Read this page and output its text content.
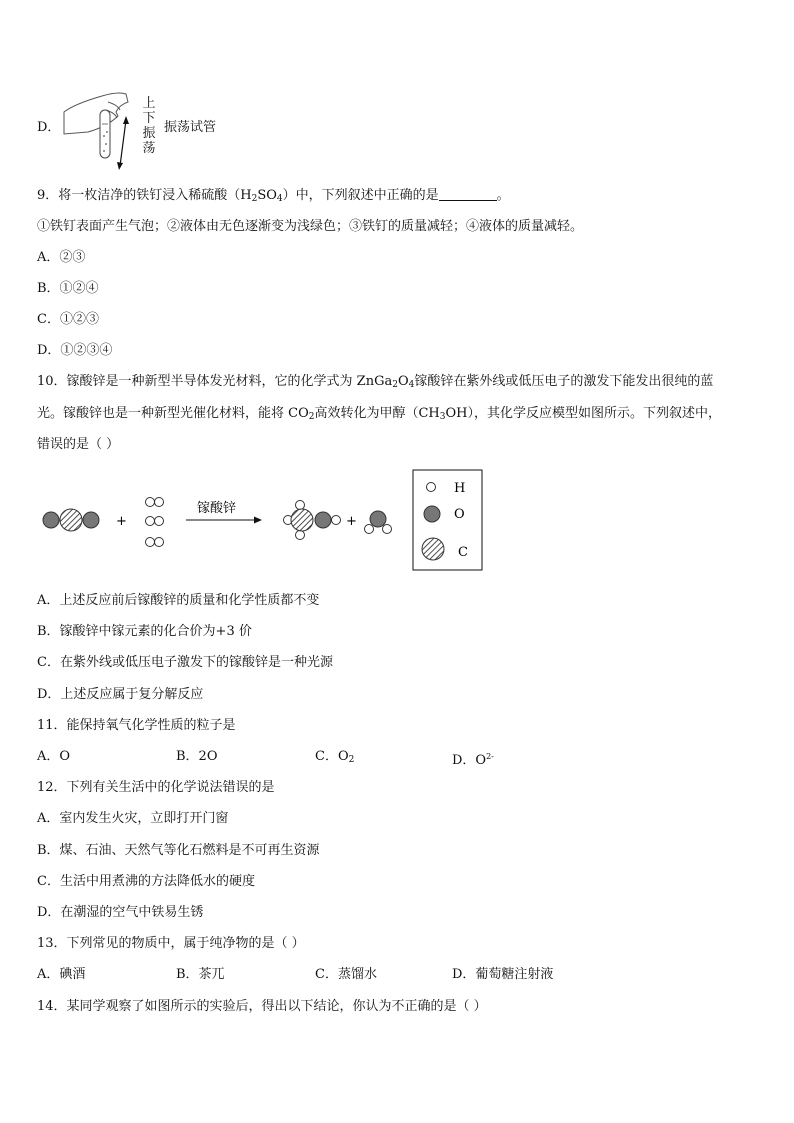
D．
上
下
振
荡
振荡试管
9．将一枚洁净的铁钉浸入稀硫酸$(H_2SO_4)$中，下列叙述中正确的是	。
①铁钉表面产生气泡；②液体由无色逐渐变为浅绿色；③铁钉的质量减轻；④液体的质量减轻。
A．②③
B．①②④
C．①②③
D．①②③④
10．镓酸锌是一种新型半导体发光材料，它的化学式为 $ZnGa_2O_4$镓酸锌在紫外线或低压电子的激发下能发出很纯的蓝
光。镓酸锌也是一种新型光催化材料，能将 $CO_2$高效转化为甲醇$(CH_3OH)$，其化学反应模型如图所示。下列叙述中，
错误的是（ ）
+
镓酸锌
+
H
O
C
A．上述反应前后镓酸锌的质量和化学性质都不变
B．镓酸锌中镓元素的化合价为+3 价
C．在紫外线或低压电子激发下的镓酸锌是一种光源
D．上述反应属于复分解反应
11．能保持氧气化学性质的粒子是
A．O	B．2O	C．$O_2$	D．$O^{2-}$
12．下列有关生活中的化学说法错误的是
A．室内发生火灾，立即打开门窗
B．煤、石油、天然气等化石燃料是不可再生资源
C．生活中用煮沸的方法降低水的硬度
D．在潮湿的空气中铁易生锈
13．下列常见的物质中，属于纯净物的是（ ）
A．碘酒	B．茶兀	C．蒸馏水	D．葡萄糖注射液
14．某同学观察了如图所示的实验后，得出以下结论，你认为不正确的是（ ）
